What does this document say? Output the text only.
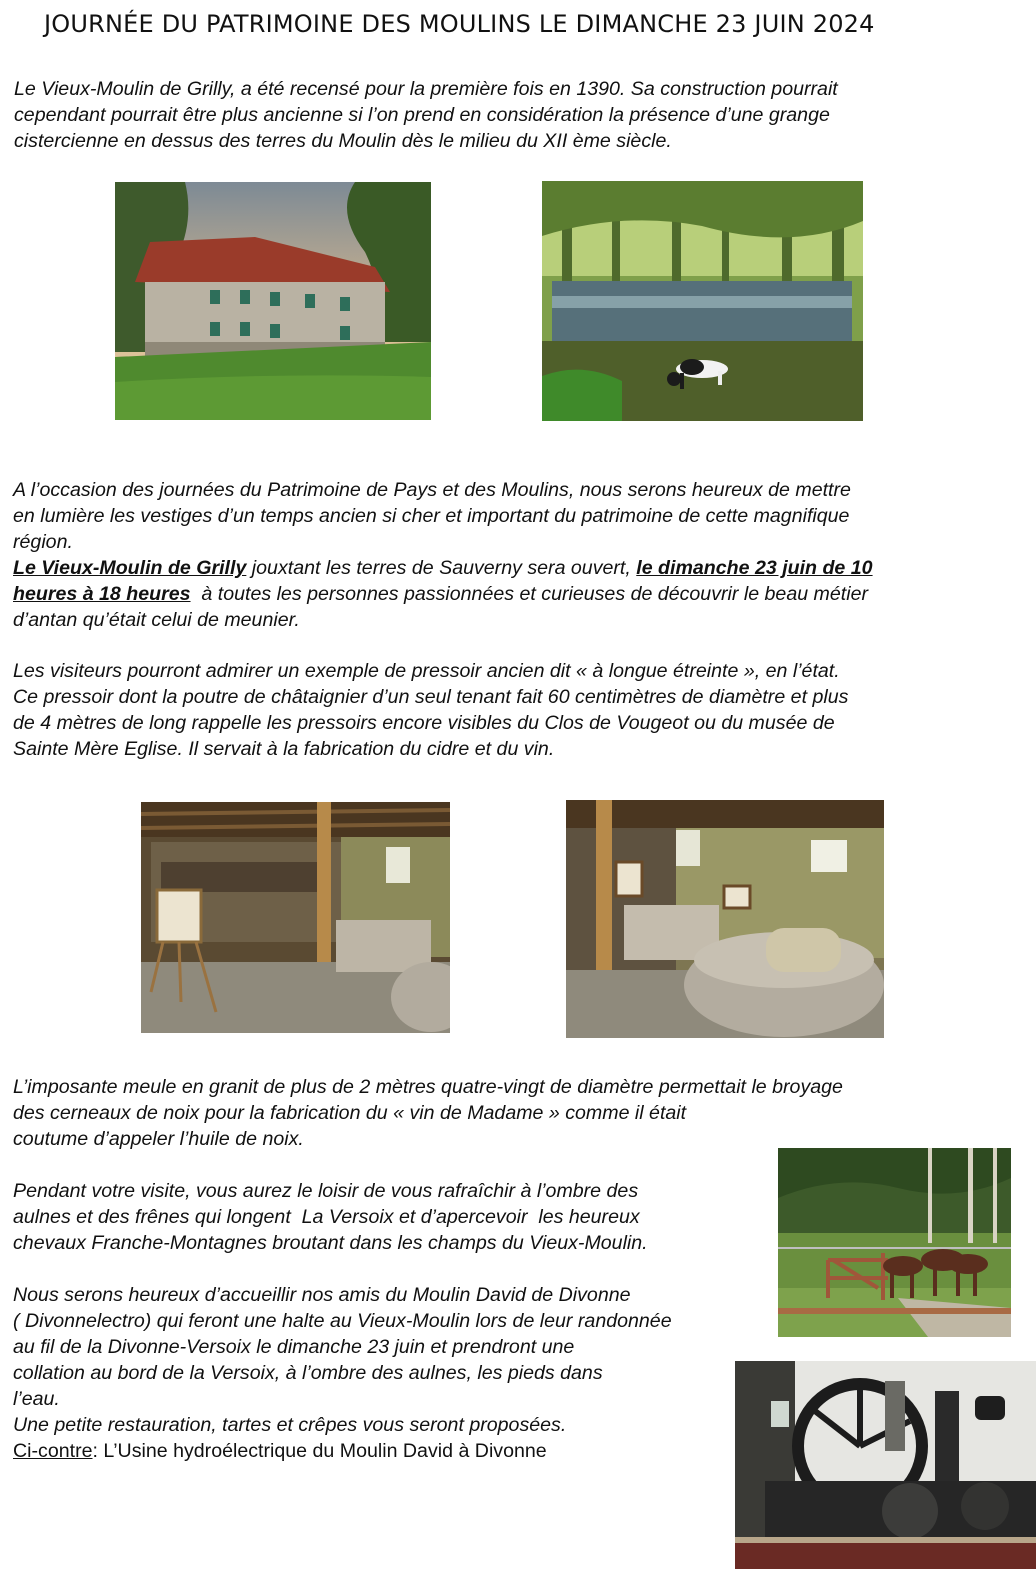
JOURNÉE DU PATRIMOINE DES MOULINS LE DIMANCHE 23 JUIN 2024
Le Vieux-Moulin de Grilly, a été recensé pour la première fois en 1390. Sa construction pourrait
cependant pourrait être plus ancienne si l’on prend en considération la présence d’une grange
cistercienne en dessus des terres du Moulin dès le milieu du XII ème siècle.
A l’occasion des journées du Patrimoine de Pays et des Moulins, nous serons heureux de mettre
en lumière les vestiges d’un temps ancien si cher et important du patrimoine de cette magnifique
région.
Le Vieux-Moulin de Grilly jouxtant les terres de Sauverny sera ouvert, le dimanche 23 juin de 10
heures à 18 heures  à toutes les personnes passionnées et curieuses de découvrir le beau métier
d’antan qu’était celui de meunier.
Les visiteurs pourront admirer un exemple de pressoir ancien dit « à longue étreinte », en l’état.
Ce pressoir dont la poutre de châtaignier d’un seul tenant fait 60 centimètres de diamètre et plus
de 4 mètres de long rappelle les pressoirs encore visibles du Clos de Vougeot ou du musée de
Sainte Mère Eglise. Il servait à la fabrication du cidre et du vin.
L’imposante meule en granit de plus de 2 mètres quatre-vingt de diamètre permettait le broyage
des cerneaux de noix pour la fabrication du « vin de Madame » comme il était
coutume d’appeler l’huile de noix.
Pendant votre visite, vous aurez le loisir de vous rafraîchir à l’ombre des
aulnes et des frênes qui longent  La Versoix et d’apercevoir  les heureux
chevaux Franche-Montagnes broutant dans les champs du Vieux-Moulin.
Nous serons heureux d’accueillir nos amis du Moulin David de Divonne
( Divonnelectro) qui feront une halte au Vieux-Moulin lors de leur randonnée
au fil de la Divonne-Versoix le dimanche 23 juin et prendront une
collation au bord de la Versoix, à l’ombre des aulnes, les pieds dans
l’eau.
Une petite restauration, tartes et crêpes vous seront proposées.
Ci-contre: L’Usine hydroélectrique du Moulin David à Divonne
